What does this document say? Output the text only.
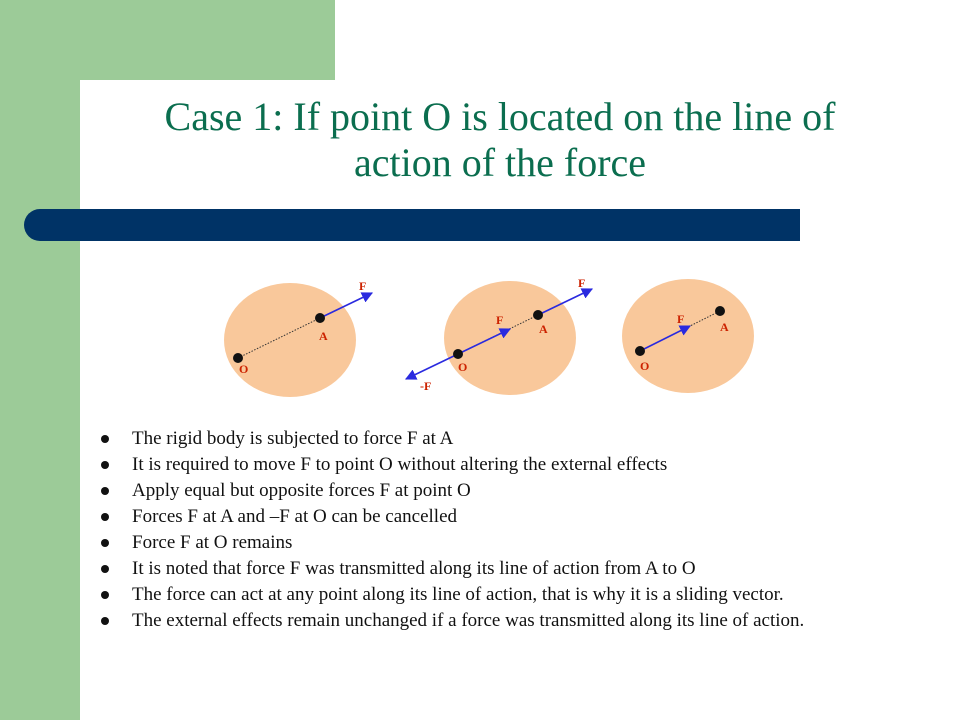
Case 1: If point O is located on the line of
action of the force
F
A
O
F
F
A
O
-F
F
A
O
The rigid body is subjected to force F at A
It is required to move F to point O without altering the external effects
Apply equal but opposite forces F at point O
Forces F at A and –F at O can be cancelled
Force F at O remains
It is noted that force F was transmitted along its line of action from A to O
The force can act at any point along its line of action, that is why it is a sliding vector.
The external effects remain unchanged if a force was transmitted along its line of action.
